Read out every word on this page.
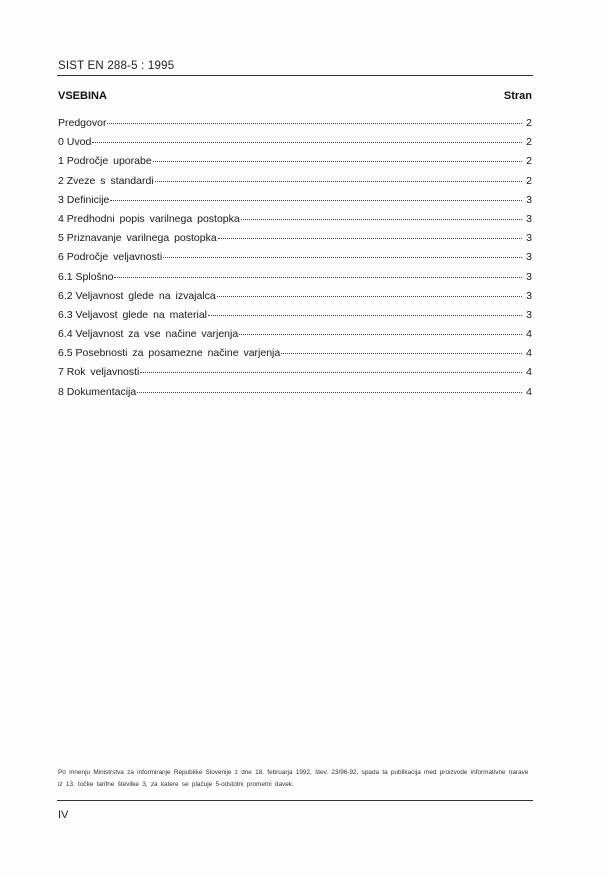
SIST EN 288-5 : 1995
VSEBINA	Stran
Predgovor	2
0 Uvod	2
1 Področje uporabe	2
2 Zveze s standardi	2
3 Definicije	3
4 Predhodni popis varilnega postopka	3
5 Priznavanje varilnega postopka	3
6 Področje veljavnosti	3
6.1 Splošno	3
6.2 Veljavnost glede na izvajalca	3
6.3 Veljavost glede na material	3
6.4 Veljavnost za vse načine varjenja	4
6.5 Posebnosti za posamezne načine varjenja	4
7 Rok veljavnosti	4
8 Dokumentacija	4
Po mnenju Ministrstva za informiranje Republike Slovenije z dne 18. februarja 1992, štev. 23/96-92, spada ta publikacija med proizvode informativne narave iz 13. točke tarifne številke 3, za katere se plačuje 5-odstotni prometni davek.
IV
